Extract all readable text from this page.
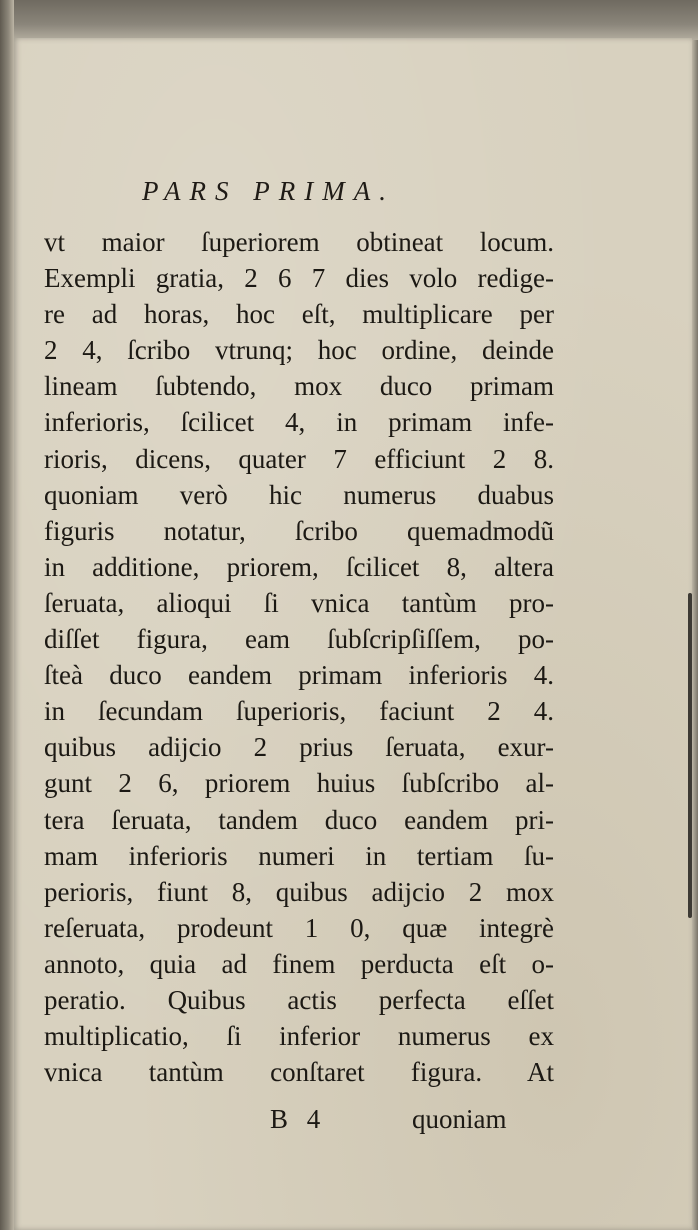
PARS PRIMA.
vt maior ſuperiorem obtineat locum.
Exempli gratia, 2 6 7 dies volo redige-
re ad horas, hoc eſt, multiplicare per
2 4, ſcribo vtrunq; hoc ordine, deinde
lineam ſubtendo, mox duco primam
inferioris, ſcilicet 4, in primam infe-
rioris, dicens, quater 7 efficiunt 2 8.
quoniam verò hic numerus duabus
figuris notatur, ſcribo quemadmodũ
in additione, priorem, ſcilicet 8, altera
ſeruata, alioqui ſi vnica tantùm pro-
diſſet figura, eam ſubſcripſiſſem, po-
ſteà duco eandem primam inferioris 4.
in ſecundam ſuperioris, faciunt 2 4.
quibus adijcio 2 prius ſeruata, exur-
gunt 2 6, priorem huius ſubſcribo al-
tera ſeruata, tandem duco eandem pri-
mam inferioris numeri in tertiam ſu-
perioris, fiunt 8, quibus adijcio 2 mox
reſeruata, prodeunt 1 0, quæ integrè
annoto, quia ad finem perducta eſt o-
peratio. Quibus actis perfecta eſſet
multiplicatio, ſi inferior numerus ex
vnica tantùm conſtaret figura. At
B 4	quoniam
